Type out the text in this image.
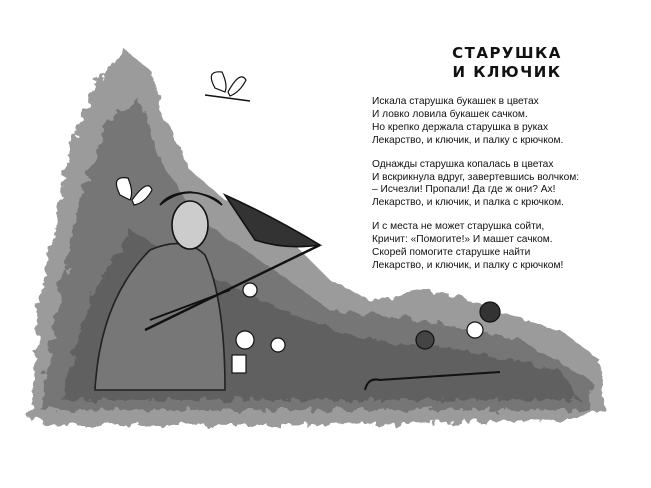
СТАРУШКА
И КЛЮЧИК
Искала старушка букашек в цветах
И ловко ловила букашек сачком.
Но крепко держала старушка в руках
Лекарство, и ключик, и палку с крючком.
Однажды старушка копалась в цветах
И вскрикнула вдруг, завертевшись волчком:
– Исчезли! Пропали! Да где ж они? Ах!
Лекарство, и ключик, и палка с крючком.
И с места не может старушка сойти,
Кричит: «Помогите!» И машет сачком.
Скорей помогите старушке найти
Лекарство, и ключик, и палку с крючком!
